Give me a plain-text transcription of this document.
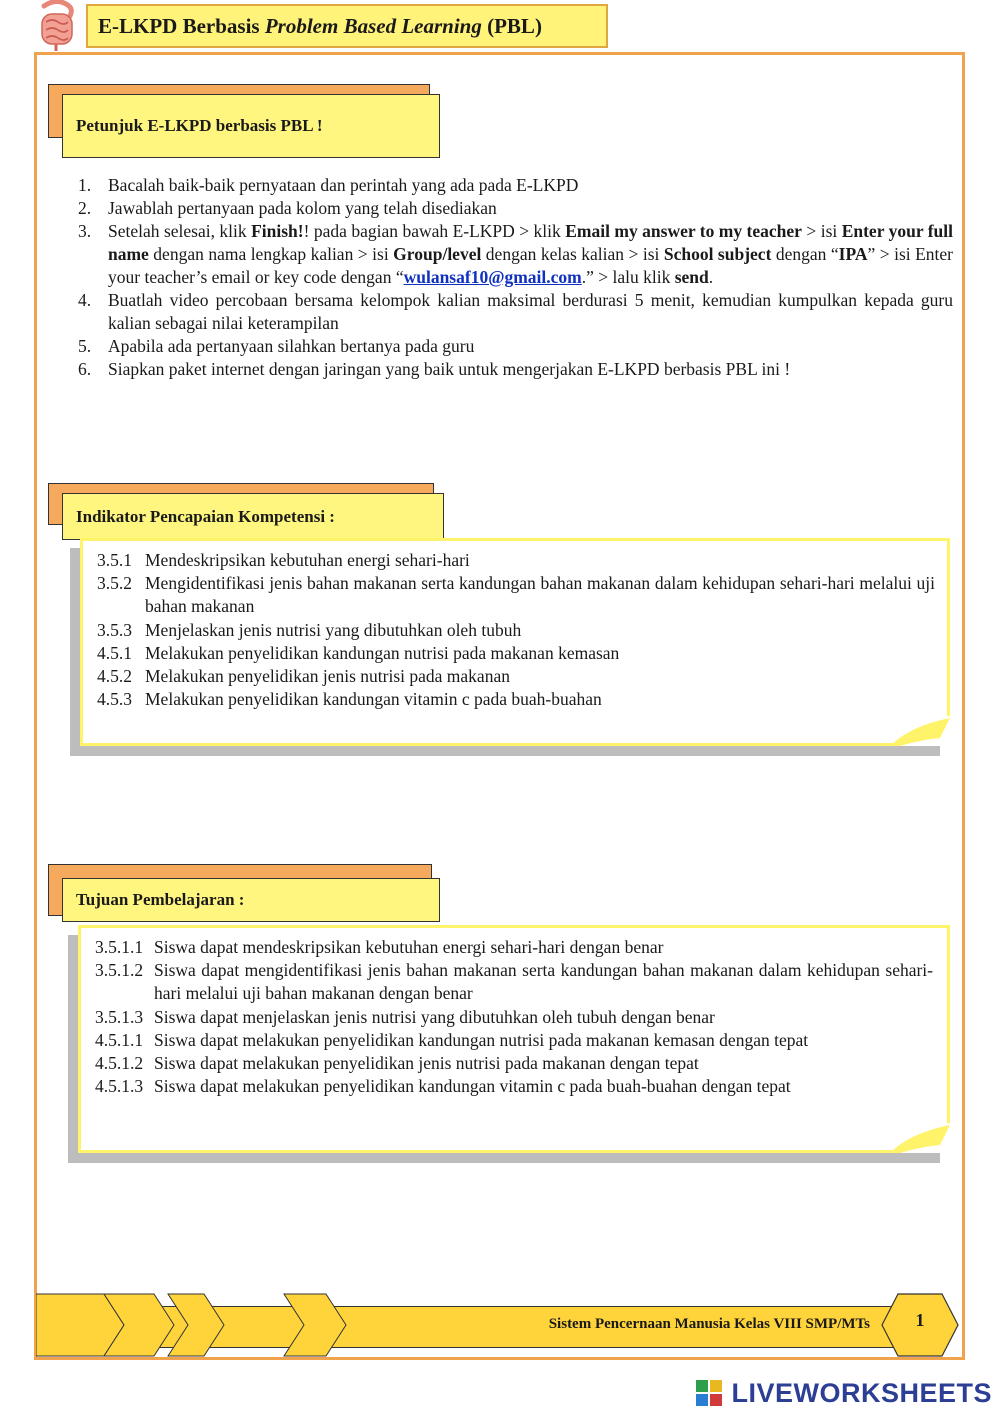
E-LKPD Berbasis Problem Based Learning (PBL)
Petunjuk E-LKPD berbasis PBL !
1. Bacalah baik-baik pernyataan dan perintah yang ada pada E-LKPD
2. Jawablah pertanyaan pada kolom yang telah disediakan
3. Setelah selesai, klik Finish!! pada bagian bawah E-LKPD > klik Email my answer to my teacher > isi Enter your full name dengan nama lengkap kalian > isi Group/level dengan kelas kalian > isi School subject dengan “IPA” > isi Enter your teacher’s email or key code dengan “wulansaf10@gmail.com.” > lalu klik send.
4. Buatlah video percobaan bersama kelompok kalian maksimal berdurasi 5 menit, kemudian kumpulkan kepada guru kalian sebagai nilai keterampilan
5. Apabila ada pertanyaan silahkan bertanya pada guru
6. Siapkan paket internet dengan jaringan yang baik untuk mengerjakan E-LKPD berbasis PBL ini !
Indikator Pencapaian Kompetensi :
3.5.1 Mendeskripsikan kebutuhan energi sehari-hari
3.5.2 Mengidentifikasi jenis bahan makanan serta kandungan bahan makanan dalam kehidupan sehari-hari melalui uji bahan makanan
3.5.3 Menjelaskan jenis nutrisi yang dibutuhkan oleh tubuh
4.5.1 Melakukan penyelidikan kandungan nutrisi pada makanan kemasan
4.5.2 Melakukan penyelidikan jenis nutrisi pada makanan
4.5.3 Melakukan penyelidikan kandungan vitamin c pada buah-buahan
Tujuan Pembelajaran :
3.5.1.1 Siswa dapat mendeskripsikan kebutuhan energi sehari-hari dengan benar
3.5.1.2 Siswa dapat mengidentifikasi jenis bahan makanan serta kandungan bahan makanan dalam kehidupan sehari-hari melalui uji bahan makanan dengan benar
3.5.1.3 Siswa dapat menjelaskan jenis nutrisi yang dibutuhkan oleh tubuh dengan benar
4.5.1.1 Siswa dapat melakukan penyelidikan kandungan nutrisi pada makanan kemasan dengan tepat
4.5.1.2 Siswa dapat melakukan penyelidikan jenis nutrisi pada makanan dengan tepat
4.5.1.3 Siswa dapat melakukan penyelidikan kandungan vitamin c pada buah-buahan dengan tepat
Sistem Pencernaan Manusia Kelas VIII SMP/MTs	1
LIVEWORKSHEETS
